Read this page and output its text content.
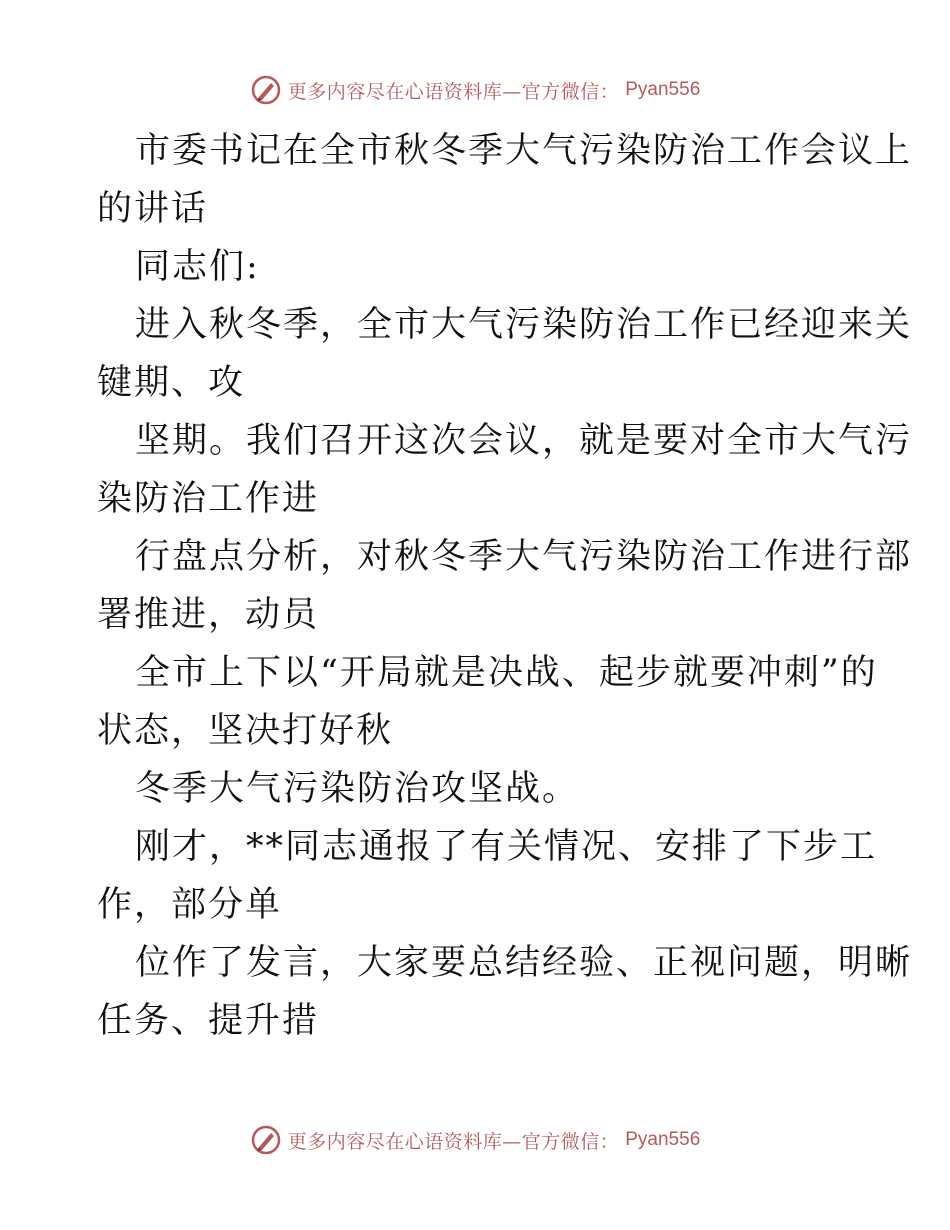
更多内容尽在心语资料库—官方微信： Pyan556
市委书记在全市秋冬季大气污染防治工作会议上
的讲话
同志们:
进入秋冬季，全市大气污染防治工作已经迎来关
键期、攻
坚期。我们召开这次会议，就是要对全市大气污
染防治工作进
行盘点分析，对秋冬季大气污染防治工作进行部
署推进，动员
全市上下以“开局就是决战、起步就要冲刺”的
状态，坚决打好秋
冬季大气污染防治攻坚战。
刚才，**同志通报了有关情况、安排了下步工
作，部分单
位作了发言，大家要总结经验、正视问题，明晰
任务、提升措
更多内容尽在心语资料库—官方微信： Pyan556
